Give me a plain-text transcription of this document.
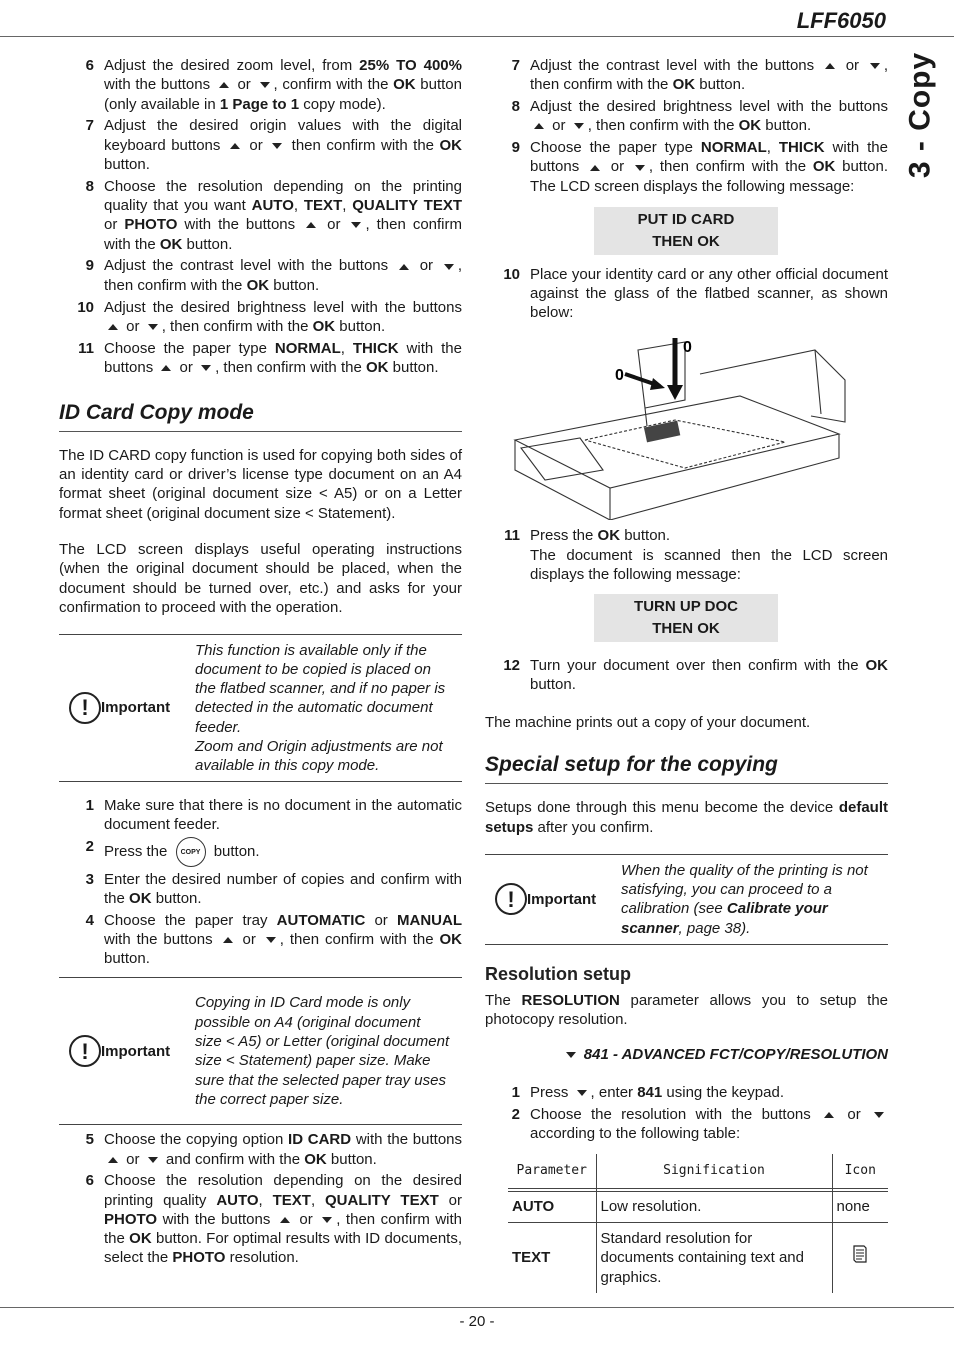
LFF6050
3 - Copy
6 Adjust the desired zoom level, from 25% TO 400% with the buttons  or , confirm with the OK button (only available in 1 Page to 1 copy mode).
7 Adjust the desired origin values with the digital keyboard buttons  or  then confirm with the OK button.
8 Choose the resolution depending on the printing quality that you want AUTO, TEXT, QUALITY TEXT or PHOTO with the buttons  or , then confirm with the OK button.
9 Adjust the contrast level with the buttons  or , then confirm with the OK button.
10 Adjust the desired brightness level with the buttons  or , then confirm with the OK button.
11 Choose the paper type NORMAL, THICK with the buttons  or , then confirm with the OK button.
ID Card Copy mode
The ID CARD copy function is used for copying both sides of an identity card or driver’s license type document on an A4 format sheet (original document size < A5) or on a Letter format sheet (original document size < Statement).
The LCD screen displays useful operating instructions (when the original document should be placed, when the document should be turned over, etc.) and asks for your confirmation to proceed with the operation.
! Important
This function is available only if the document to be copied is placed on the flatbed scanner, and if no paper is detected in the automatic document feeder.
Zoom and Origin adjustments are not available in this copy mode.
1 Make sure that there is no document in the automatic document feeder.
2 Press the COPY button.
3 Enter the desired number of copies and confirm with the OK button.
4 Choose the paper tray AUTOMATIC or MANUAL with the buttons  or , then confirm with the OK button.
! Important
Copying in ID Card mode is only possible on A4 (original document size < A5) or Letter (original document size < Statement) paper size. Make sure that the selected paper tray uses the correct paper size.
5 Choose the copying option ID CARD with the buttons  or  and confirm with the OK button.
6 Choose the resolution depending on the desired printing quality AUTO, TEXT, QUALITY TEXT or PHOTO with the buttons  or , then confirm with the OK button. For optimal results with ID documents, select the PHOTO resolution.
7 Adjust the contrast level with the buttons  or , then confirm with the OK button.
8 Adjust the desired brightness level with the buttons  or , then confirm with the OK button.
9 Choose the paper type NORMAL, THICK with the buttons  or , then confirm with the OK button. The LCD screen displays the following message:
PUT ID CARD
THEN OK
10 Place your identity card or any other official document against the glass of the flatbed scanner, as shown below:
0
0
11 Press the OK button.
The document is scanned then the LCD screen displays the following message:
TURN UP DOC
THEN OK
12 Turn your document over then confirm with the OK button.
The machine prints out a copy of your document.
Special setup for the copying
Setups done through this menu become the device default setups after you confirm.
! Important
When the quality of the printing is not satisfying, you can proceed to a calibration (see Calibrate your scanner, page 38).
Resolution setup
The RESOLUTION parameter allows you to setup the photocopy resolution.
841 - ADVANCED FCT/COPY/RESOLUTION
1 Press , enter 841 using the keypad.
2 Choose the resolution with the buttons  or  according to the following table:
Parameter	Signification	Icon

AUTO	Low resolution.	none
TEXT	Standard resolution for documents containing text and graphics.	
- 20 -
